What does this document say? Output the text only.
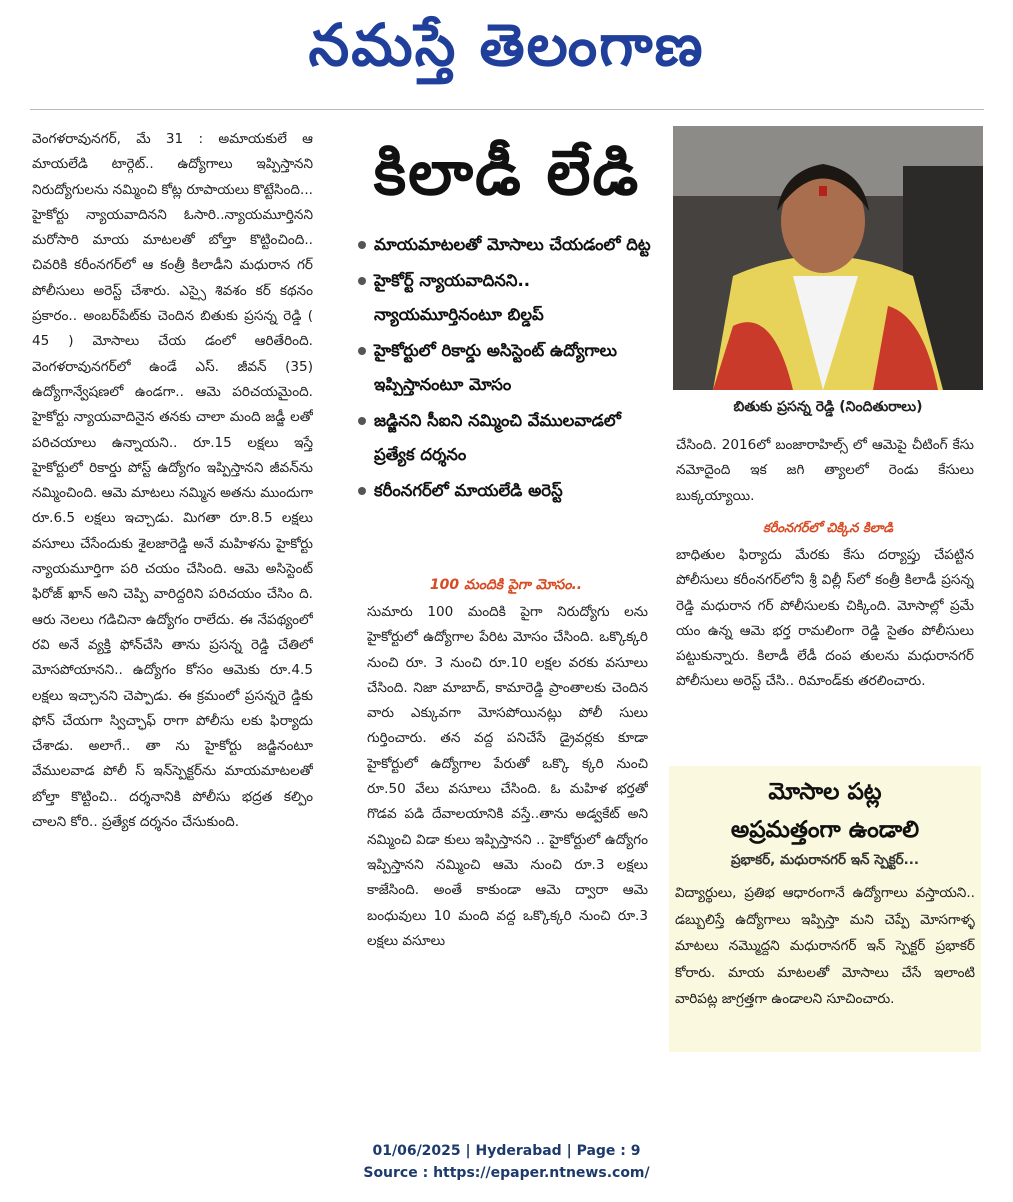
నమస్తే తెలంగాణ

వెంగళరావునగర్, మే 31 : అమాయకులే ఆ మాయలేడి టార్గెట్.. ఉద్యోగాలు ఇప్పిస్తానని నిరుద్యోగులను నమ్మించి కోట్ల రూపాయలు కొట్టేసింది... హైకోర్టు న్యాయవాదినని ఓసారి..న్యాయమూర్తినని మరోసారి మాయ మాటలతో బోల్తా కొట్టించింది.. చివరికి కరీంనగర్‌లో ఆ కంత్రీ కిలాడీని మధురాన గర్ పోలీసులు అరెస్ట్ చేశారు. ఎస్సై శివశం కర్ కథనం ప్రకారం.. అంబర్‌పేట్‌కు చెందిన బితుకు ప్రసన్న రెడ్డి ( 45 ) మోసాలు చేయ డంలో ఆరితేరింది. వెంగళరావునగర్‌లో ఉండే ఎస్. జీవన్ (35) ఉద్యోగాన్వేషణలో ఉండగా.. ఆమె పరిచయమైంది. హైకోర్టు న్యాయవాదినైన తనకు చాలా మంది జడ్జీ లతో పరిచయాలు ఉన్నాయని.. రూ.15 లక్షలు ఇస్తే హైకోర్టులో రికార్డు పోస్ట్ ఉద్యోగం ఇప్పిస్తానని జీవన్‌ను నమ్మించింది. ఆమె మాటలు నమ్మిన అతను ముందుగా రూ.6.5 లక్షలు ఇచ్చాడు. మిగతా రూ.8.5 లక్షలు వసూలు చేసేందుకు శైలజారెడ్డి అనే మహిళను హైకోర్టు న్యాయమూర్తిగా పరి చయం చేసింది. ఆమె అసిస్టెంట్ ఫిరోజ్ ఖాన్ అని చెప్పి వారిద్దరిని పరిచయం చేసిం ది. ఆరు నెలలు గడిచినా ఉద్యోగం రాలేదు. ఈ నేపథ్యంలో రవి అనే వ్యక్తి ఫోన్‌చేసి తాను ప్రసన్న రెడ్డి చేతిలో మోసపోయానని.. ఉద్యోగం కోసం ఆమెకు రూ.4.5 లక్షలు ఇచ్చానని చెప్పాడు. ఈ క్రమంలో ప్రసన్నరె డ్డికు ఫోన్ చేయగా స్విచ్ఛాఫ్ రాగా పోలీసు లకు ఫిర్యాదు చేశాడు. అలాగే.. తా ను హైకోర్టు జడ్జినంటూ వేములవాడ పోలీ స్ ఇన్‌స్పెక్టర్‌ను మాయమాటలతో బోల్తా కొట్టించి.. దర్శనానికి పోలీసు భద్రత కల్పిం చాలని కోరి.. ప్రత్యేక దర్శనం చేసుకుంది.

కిలాడీ లేడి
మాయమాటలతో మోసాలు చేయడంలో దిట్ట
హైకోర్ట్ న్యాయవాదినని.. న్యాయమూర్తినంటూ బిల్డప్
హైకోర్టులో రికార్డు అసిస్టెంట్ ఉద్యోగాలు ఇప్పిస్తానంటూ మోసం
జడ్జినని సీఐని నమ్మించి వేములవాడలో ప్రత్యేక దర్శనం
కరీంనగర్‌లో మాయలేడి అరెస్ట్
100 మందికి పైగా మోసం..

సుమారు 100 మందికి పైగా నిరుద్యోగు లను హైకోర్టులో ఉద్యోగాల పేరిట మోసం చేసింది. ఒక్కొక్కరి నుంచి రూ. 3 నుంచి రూ.10 లక్షల వరకు వసూలు చేసింది. నిజా మాబాద్, కామారెడ్డి ప్రాంతాలకు చెందిన వారు ఎక్కువగా మోసపోయినట్లు పోలీ సులు గుర్తించారు. తన వద్ద పనిచేసే డ్రైవర్లకు కూడా హైకోర్టులో ఉద్యోగాల పేరుతో ఒక్కొ క్కరి నుంచి రూ.50 వేలు వసూలు చేసింది. ఓ మహిళ భర్తతో గొడవ పడి దేవాలయానికి వస్తే..తాను అడ్వకేట్ అని నమ్మించి విడా కులు ఇప్పిస్తానని .. హైకోర్టులో ఉద్యోగం ఇప్పిస్తానని నమ్మించి ఆమె నుంచి రూ.3 లక్షలు కాజేసింది. అంతే కాకుండా ఆమె ద్వారా ఆమె బంధువులు 10 మంది వద్ద ఒక్కొక్కరి నుంచి రూ.3 లక్షలు వసూలు

బితుకు ప్రసన్న రెడ్డి (నిందితురాలు)

చేసింది. 2016లో బంజారాహిల్స్ లో ఆమెపై చీటింగ్ కేసు నమోదైంది ఇక జగి త్యాలలో రెండు కేసులు బుక్కయ్యాయి.

కరీంనగర్‌లో చిక్కిన కిలాడి

బాధితుల ఫిర్యాదు మేరకు కేసు దర్యాప్తు చేపట్టిన పోలీసులు కరీంనగర్‌లోని శ్రీ విల్లీ స్‌లో కంత్రీ కిలాడీ ప్రసన్న రెడ్డి మధురాన గర్ పోలీసులకు చిక్కింది. మోసాల్లో ప్రమే యం ఉన్న ఆమె భర్త రామలింగా రెడ్డి సైతం పోలీసులు పట్టుకున్నారు. కిలాడీ లేడీ దంప తులను మధురానగర్ పోలీసులు అరెస్ట్ చేసి.. రిమాండ్‌కు తరలించారు.

మోసాల పట్ల
అప్రమత్తంగా ఉండాలి
ప్రభాకర్, మధురానగర్ ఇన్ స్పెక్టర్...
విద్యార్థులు, ప్రతిభ ఆధారంగానే ఉద్యోగాలు వస్తాయని.. డబ్బులిస్తే ఉద్యోగాలు ఇప్పిస్తా మని చెప్పే మోసగాళ్ళ మాటలు నమ్మొద్దని మధురానగర్ ఇన్ స్పెక్టర్ ప్రభాకర్ కోరారు. మాయ మాటలతో మోసాలు చేసే ఇలాంటి వారిపట్ల జాగ్రత్తగా ఉండాలని సూచించారు.
01/06/2025 | Hyderabad | Page : 9
Source : https://epaper.ntnews.com/
